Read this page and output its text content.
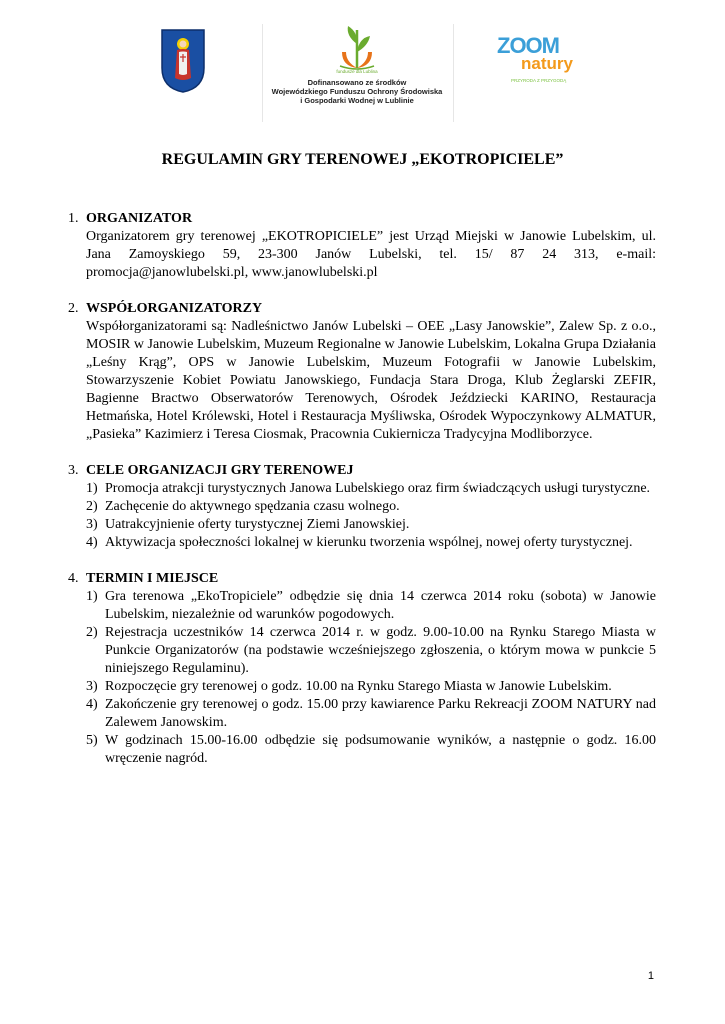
fundusze dla Lublina
Dofinansowano ze środków
Wojewódzkiego Funduszu Ochrony Środowiska
i Gospodarki Wodnej w Lublinie
ZOOM
natury
PRZYRODA Z PRZYGODĄ
REGULAMIN GRY TERENOWEJ „EKOTROPICIELE”
1. ORGANIZATOR
Organizatorem gry terenowej „EKOTROPICIELE” jest Urząd Miejski w Janowie Lubelskim, ul. Jana Zamoyskiego 59, 23-300 Janów Lubelski, tel. 15/ 87 24 313, e-mail: promocja@janowlubelski.pl, www.janowlubelski.pl
2. WSPÓŁORGANIZATORZY
Współorganizatorami są: Nadleśnictwo Janów Lubelski – OEE „Lasy Janowskie”, Zalew Sp. z o.o., MOSIR w Janowie Lubelskim, Muzeum Regionalne w Janowie Lubelskim, Lokalna Grupa Działania „Leśny Krąg”, OPS w Janowie Lubelskim, Muzeum Fotografii w Janowie Lubelskim, Stowarzyszenie Kobiet Powiatu Janowskiego, Fundacja Stara Droga, Klub Żeglarski ZEFIR, Bagienne Bractwo Obserwatorów Terenowych, Ośrodek Jeździecki KARINO, Restauracja Hetmańska, Hotel Królewski, Hotel i Restauracja Myśliwska, Ośrodek Wypoczynkowy ALMATUR, „Pasieka” Kazimierz i Teresa Ciosmak, Pracownia Cukiernicza Tradycyjna Modliborzyce.
3. CELE ORGANIZACJI GRY TERENOWEJ
1) Promocja atrakcji turystycznych Janowa Lubelskiego oraz firm świadczących usługi turystyczne.
2) Zachęcenie do aktywnego spędzania czasu wolnego.
3) Uatrakcyjnienie oferty turystycznej Ziemi Janowskiej.
4) Aktywizacja społeczności lokalnej w kierunku tworzenia wspólnej, nowej oferty turystycznej.
4. TERMIN I MIEJSCE
1) Gra terenowa „EkoTropiciele” odbędzie się dnia 14 czerwca 2014 roku (sobota) w Janowie Lubelskim, niezależnie od warunków pogodowych.
2) Rejestracja uczestników 14 czerwca 2014 r. w godz. 9.00-10.00 na Rynku Starego Miasta w Punkcie Organizatorów (na podstawie wcześniejszego zgłoszenia, o którym mowa w punkcie 5 niniejszego Regulaminu).
3) Rozpoczęcie gry terenowej o godz. 10.00 na Rynku Starego Miasta w Janowie Lubelskim.
4) Zakończenie gry terenowej o godz. 15.00 przy kawiarence Parku Rekreacji ZOOM NATURY nad Zalewem Janowskim.
5) W godzinach 15.00-16.00 odbędzie się podsumowanie wyników, a następnie o godz. 16.00 wręczenie nagród.
1
